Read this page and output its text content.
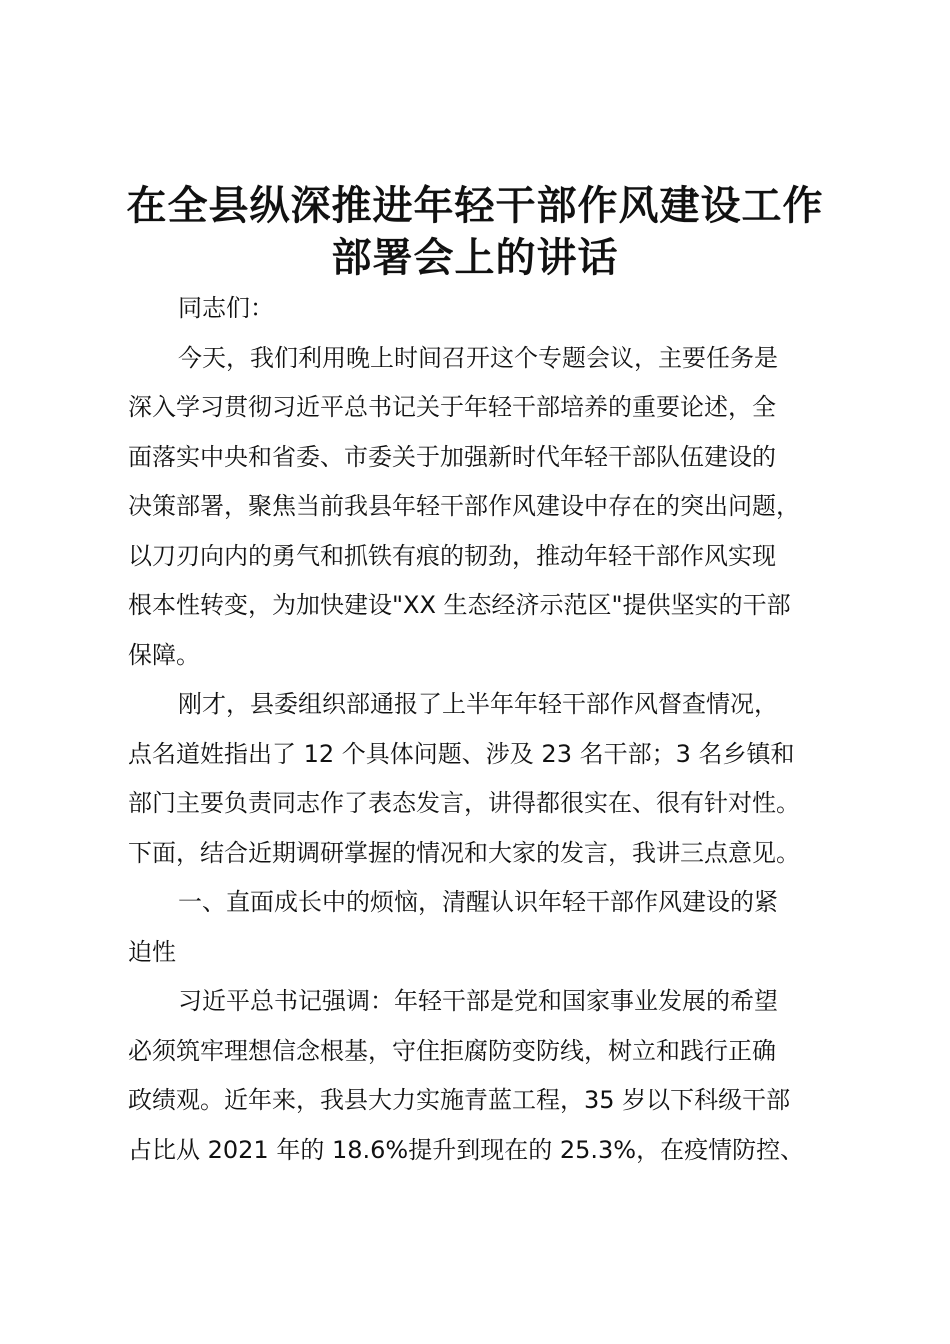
在全县纵深推进年轻干部作风建设工作
部署会上的讲话
同志们：
今天，我们利用晚上时间召开这个专题会议，主要任务是
深入学习贯彻习近平总书记关于年轻干部培养的重要论述，全
面落实中央和省委、市委关于加强新时代年轻干部队伍建设的
决策部署，聚焦当前我县年轻干部作风建设中存在的突出问题，
以刀刃向内的勇气和抓铁有痕的韧劲，推动年轻干部作风实现
根本性转变，为加快建设"XX 生态经济示范区"提供坚实的干部
保障。
刚才，县委组织部通报了上半年年轻干部作风督查情况，
点名道姓指出了 12 个具体问题、涉及 23 名干部；3 名乡镇和
部门主要负责同志作了表态发言，讲得都很实在、很有针对性。
下面，结合近期调研掌握的情况和大家的发言，我讲三点意见。
一、直面成长中的烦恼，清醒认识年轻干部作风建设的紧
迫性
习近平总书记强调：年轻干部是党和国家事业发展的希望
必须筑牢理想信念根基，守住拒腐防变防线，树立和践行正确
政绩观。近年来，我县大力实施青蓝工程，35 岁以下科级干部
占比从 2021 年的 18.6%提升到现在的 25.3%，在疫情防控、
